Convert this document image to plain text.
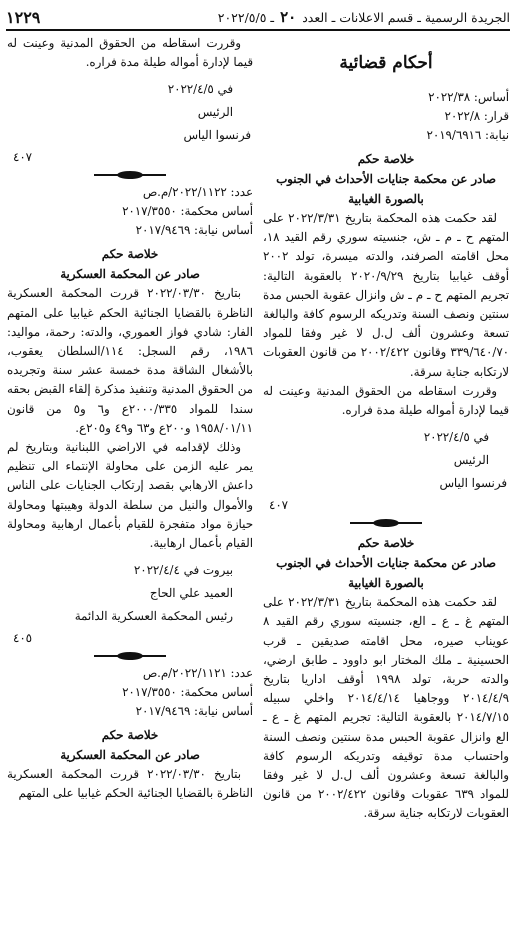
الجريدة الرسمية ـ قسم الاعلانات ـ العدد ٢٠ ـ ٢٠٢٢/٥/٥
١٢٢٩
أحكام قضائية

أساس: ٢٠٢٢/٣٨

قرار: ٢٠٢٢/٨

نيابة: ٢٠١٩/٦٩١٦

خلاصة حكم
صادر عن محكمة جنايات الأحداث في الجنوب
بالصورة الغيابية

لقد حكمت هذه المحكمة بتاريخ ٢٠٢٢/٣/٣١ على المتهم ح ـ م ـ ش، جنسيته سوري رقم القيد ١٨، محل اقامته الصرفند، والدته ميسرة، تولد ٢٠٠٢ أوقف غيابيا بتاريخ ٢٠٢٠/٩/٢٩ بالعقوبة التالية: تجريم المتهم ح ـ م ـ ش وانزال عقوبة الحبس مدة سنتين ونصف السنة وتدريكه الرسوم كافة والبالغة تسعة وعشرون ألف ل.ل لا غير وفقا للمواد ٣٣٩/٦٤٠/٧٠ وقانون ٢٠٠٢/٤٢٢ من قانون العقوبات لارتكابه جناية سرقة.

وقررت اسقاطه من الحقوق المدنية وعينت له قيما لإدارة أمواله طيلة مدة فراره.

في ٢٠٢٢/٤/٥

الرئيس

فرنسوا الياس

٤٠٧
خلاصة حكم
صادر عن محكمة جنايات الأحداث في الجنوب
بالصورة الغيابية

لقد حكمت هذه المحكمة بتاريخ ٢٠٢٢/٣/٣١ على المتهم غ ـ ع ـ الع، جنسيته سوري رقم القيد ٨ عويناب صيره، محل اقامته صديقين ـ قرب الحسينية ـ ملك المختار ابو داوود ـ طابق ارضي، والدته حربة، تولد ١٩٩٨ أوقف اداريا بتاريخ ٢٠١٤/٤/٩ ووجاهيا ٢٠١٤/٤/١٤ واخلي سبيله ٢٠١٤/٧/١٥ بالعقوبة التالية: تجريم المتهم غ ـ ع ـ الع وانزال عقوبة الحبس مدة سنتين ونصف السنة واحتساب مدة توقيفه وتدريكه الرسوم كافة والبالغة تسعة وعشرون ألف ل.ل لا غير وفقا للمواد ٦٣٩ عقوبات وقانون ٢٠٠٢/٤٢٢ من قانون العقوبات لارتكابه جناية سرقة.

وقررت اسقاطه من الحقوق المدنية وعينت له قيما لإدارة أمواله طيلة مدة فراره.

في ٢٠٢٢/٤/٥

الرئيس

فرنسوا الياس

٤٠٧

عدد: ٢٠٢٢/١١٢٢/م.ص

أساس محكمة: ٢٠١٧/٣٥٥٠

أساس نيابة: ٢٠١٧/٩٤٦٩

خلاصة حكم
صادر عن المحكمة العسكرية

بتاريخ ٢٠٢٢/٠٣/٣٠ قررت المحكمة العسكرية الناظرة بالقضايا الجنائية الحكم غيابيا على المتهم الفار: شادي فواز العموري، والدته: رحمة، مواليد: ١٩٨٦، رقم السجل: ١١٤/السلطان يعقوب، بالأشغال الشاقة مدة خمسة عشر سنة وتجريده من الحقوق المدنية وتنفيذ مذكرة إلقاء القبض بحقه سندا للمواد ٢٠٠٠/٣٣٥ع و٦ و٥ من قانون ١٩٥٨/٠١/١١ و٢٠٠ع و٦٣ و٤٩ و٢٠٥ع.

وذلك لإقدامه في الاراضي اللبنانية وبتاريخ لم يمر عليه الزمن على محاولة الإنتماء الى تنظيم داعش الارهابي بقصد إرتكاب الجنايات على الناس والأموال والنيل من سلطة الدولة وهيبتها ومحاولة حيازة مواد متفجرة للقيام بأعمال ارهابية ومحاولة القيام بأعمال ارهابية.

بيروت في ٢٠٢٢/٤/٤

العميد علي الحاج

رئيس المحكمة العسكرية الدائمة

٤٠٥

عدد: ٢٠٢٢/١١٢١/م.ص

أساس محكمة: ٢٠١٧/٣٥٥٠

أساس نيابة: ٢٠١٧/٩٤٦٩

خلاصة حكم
صادر عن المحكمة العسكرية

بتاريخ ٢٠٢٢/٠٣/٣٠ قررت المحكمة العسكرية الناظرة بالقضايا الجنائية الحكم غيابيا على المتهم
